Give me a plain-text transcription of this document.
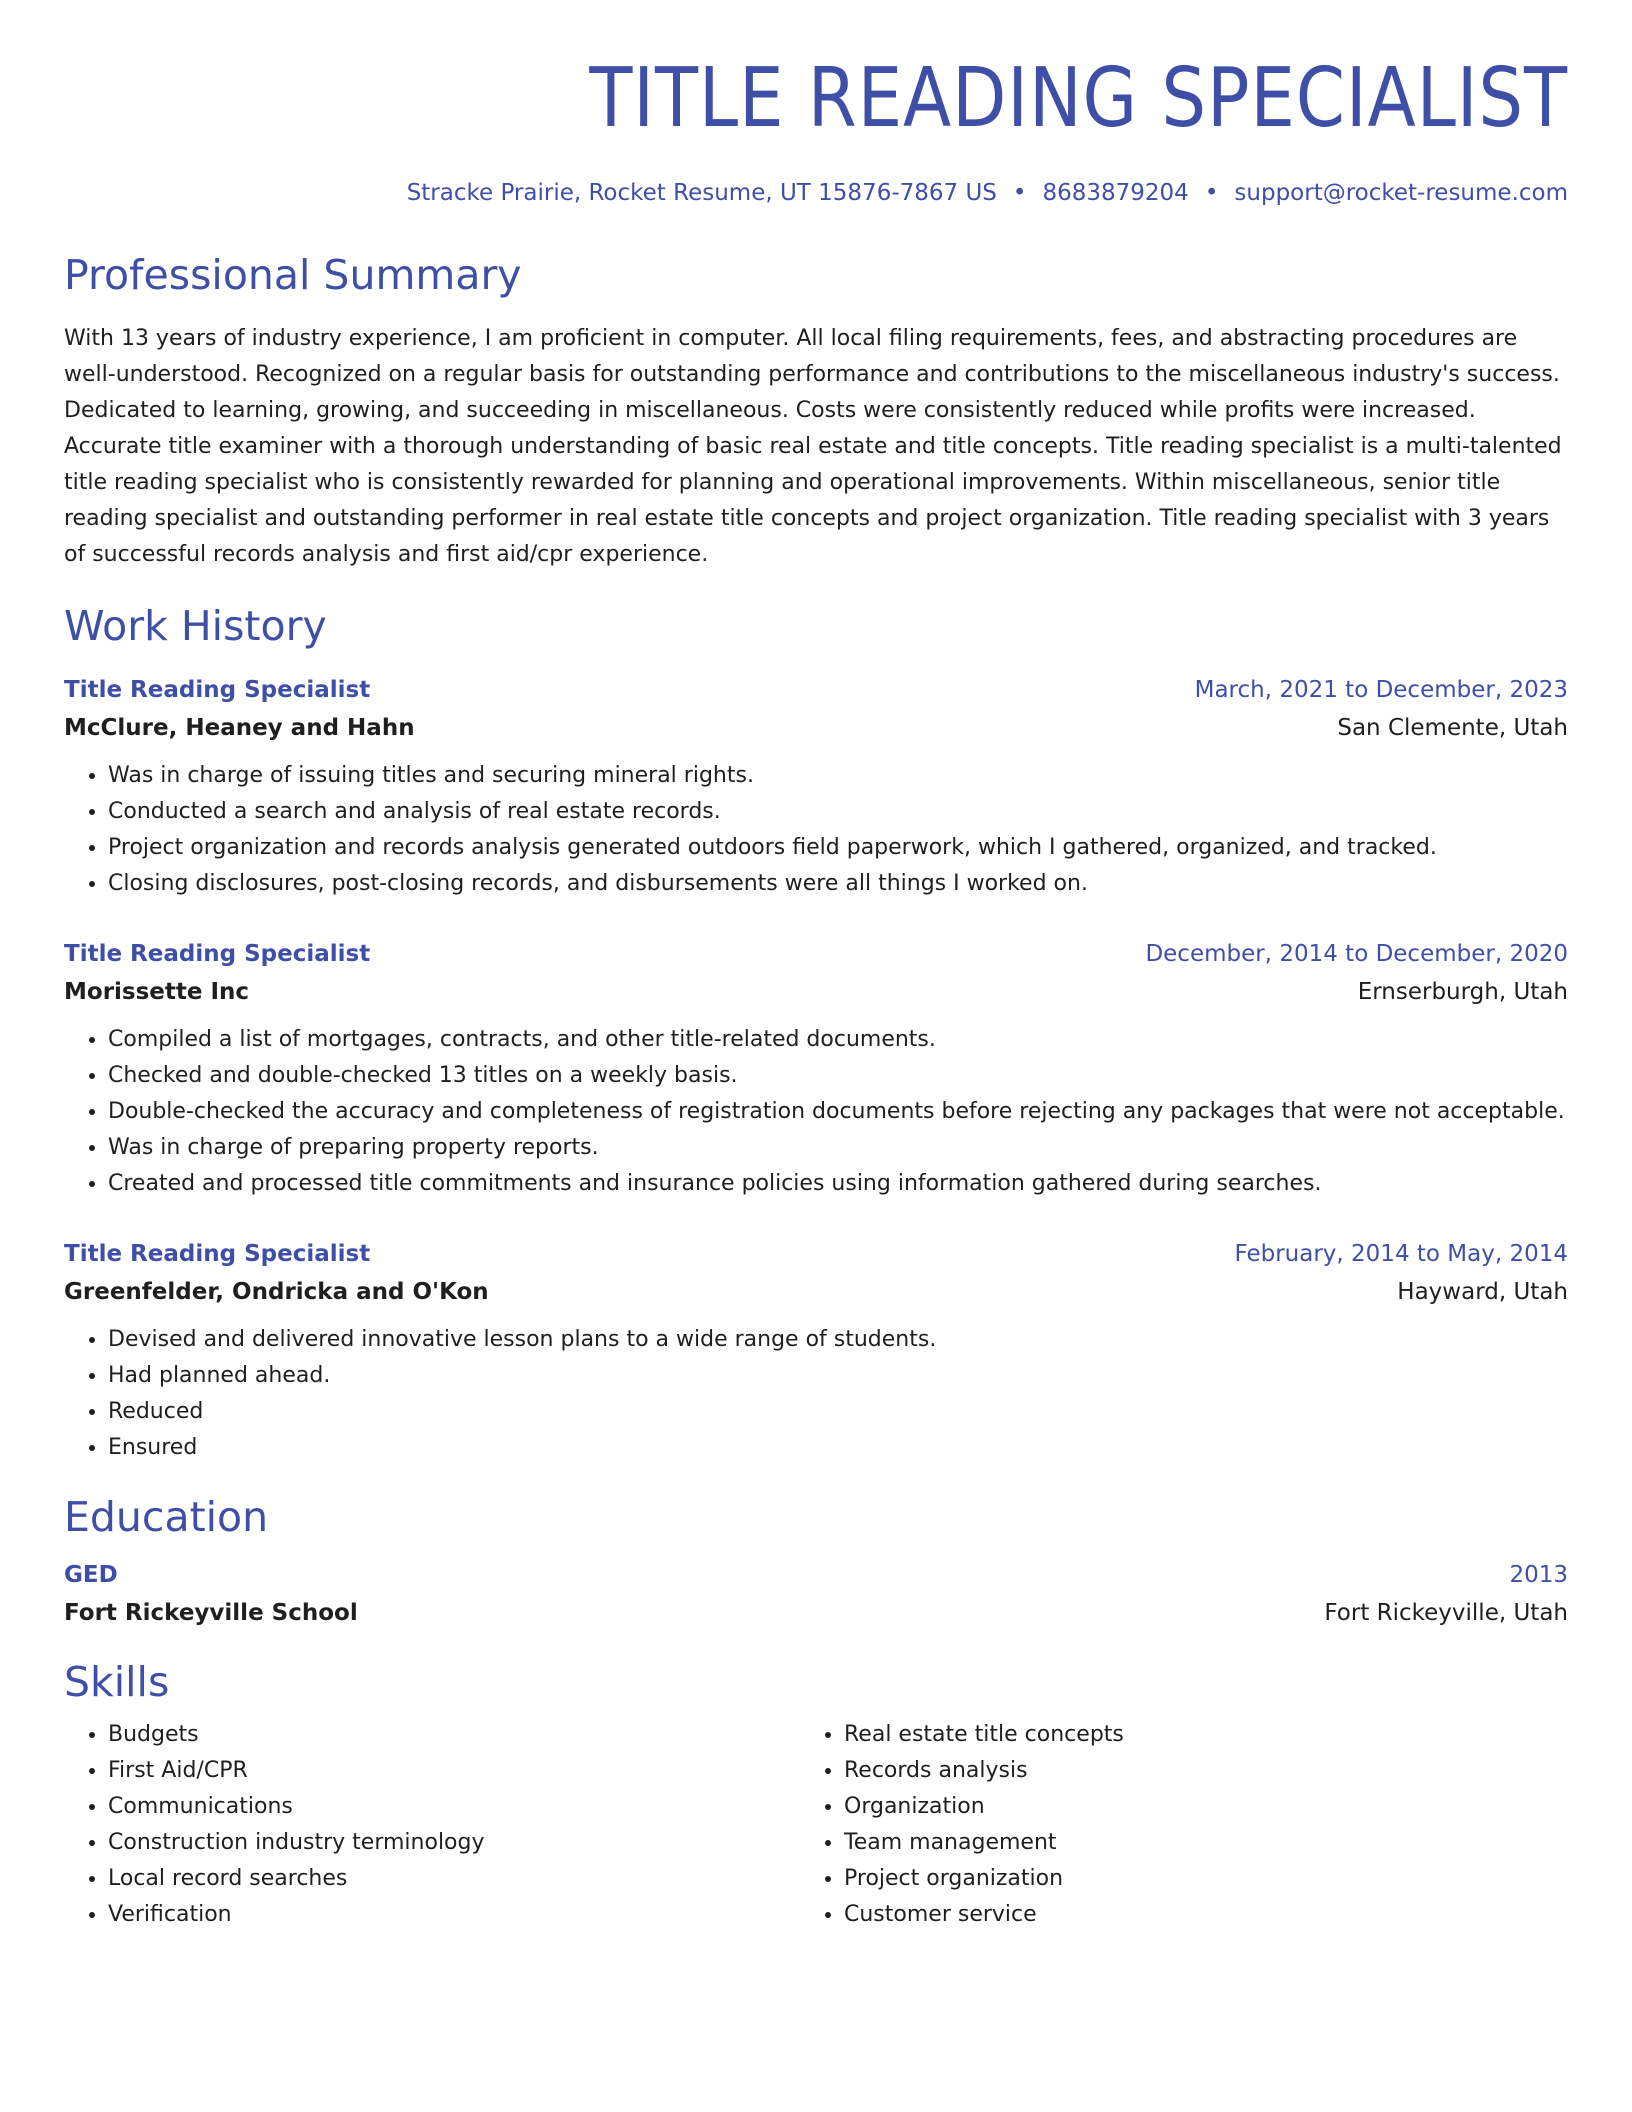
TITLE READING SPECIALIST
Stracke Prairie, Rocket Resume, UT 15876-7867 US • 8683879204 • support@rocket-resume.com
Professional Summary

With 13 years of industry experience, I am proficient in computer. All local filing requirements, fees, and abstracting procedures are well-understood. Recognized on a regular basis for outstanding performance and contributions to the miscellaneous industry's success. Dedicated to learning, growing, and succeeding in miscellaneous. Costs were consistently reduced while profits were increased. Accurate title examiner with a thorough understanding of basic real estate and title concepts. Title reading specialist is a multi-talented title reading specialist who is consistently rewarded for planning and operational improvements. Within miscellaneous, senior title reading specialist and outstanding performer in real estate title concepts and project organization. Title reading specialist with 3 years of successful records analysis and first aid/cpr experience.

Work History
Title Reading Specialist	March, 2021 to December, 2023
McClure, Heaney and Hahn	San Clemente, Utah
• Was in charge of issuing titles and securing mineral rights.
• Conducted a search and analysis of real estate records.
• Project organization and records analysis generated outdoors field paperwork, which I gathered, organized, and tracked.
• Closing disclosures, post-closing records, and disbursements were all things I worked on.
Title Reading Specialist	December, 2014 to December, 2020
Morissette Inc	Ernserburgh, Utah
• Compiled a list of mortgages, contracts, and other title-related documents.
• Checked and double-checked 13 titles on a weekly basis.
• Double-checked the accuracy and completeness of registration documents before rejecting any packages that were not acceptable.
• Was in charge of preparing property reports.
• Created and processed title commitments and insurance policies using information gathered during searches.
Title Reading Specialist	February, 2014 to May, 2014
Greenfelder, Ondricka and O'Kon	Hayward, Utah
• Devised and delivered innovative lesson plans to a wide range of students.
• Had planned ahead.
• Reduced
• Ensured
Education
GED	2013
Fort Rickeyville School	Fort Rickeyville, Utah
Skills
• Budgets
• First Aid/CPR
• Communications
• Construction industry terminology
• Local record searches
• Verification
• Real estate title concepts
• Records analysis
• Organization
• Team management
• Project organization
• Customer service
